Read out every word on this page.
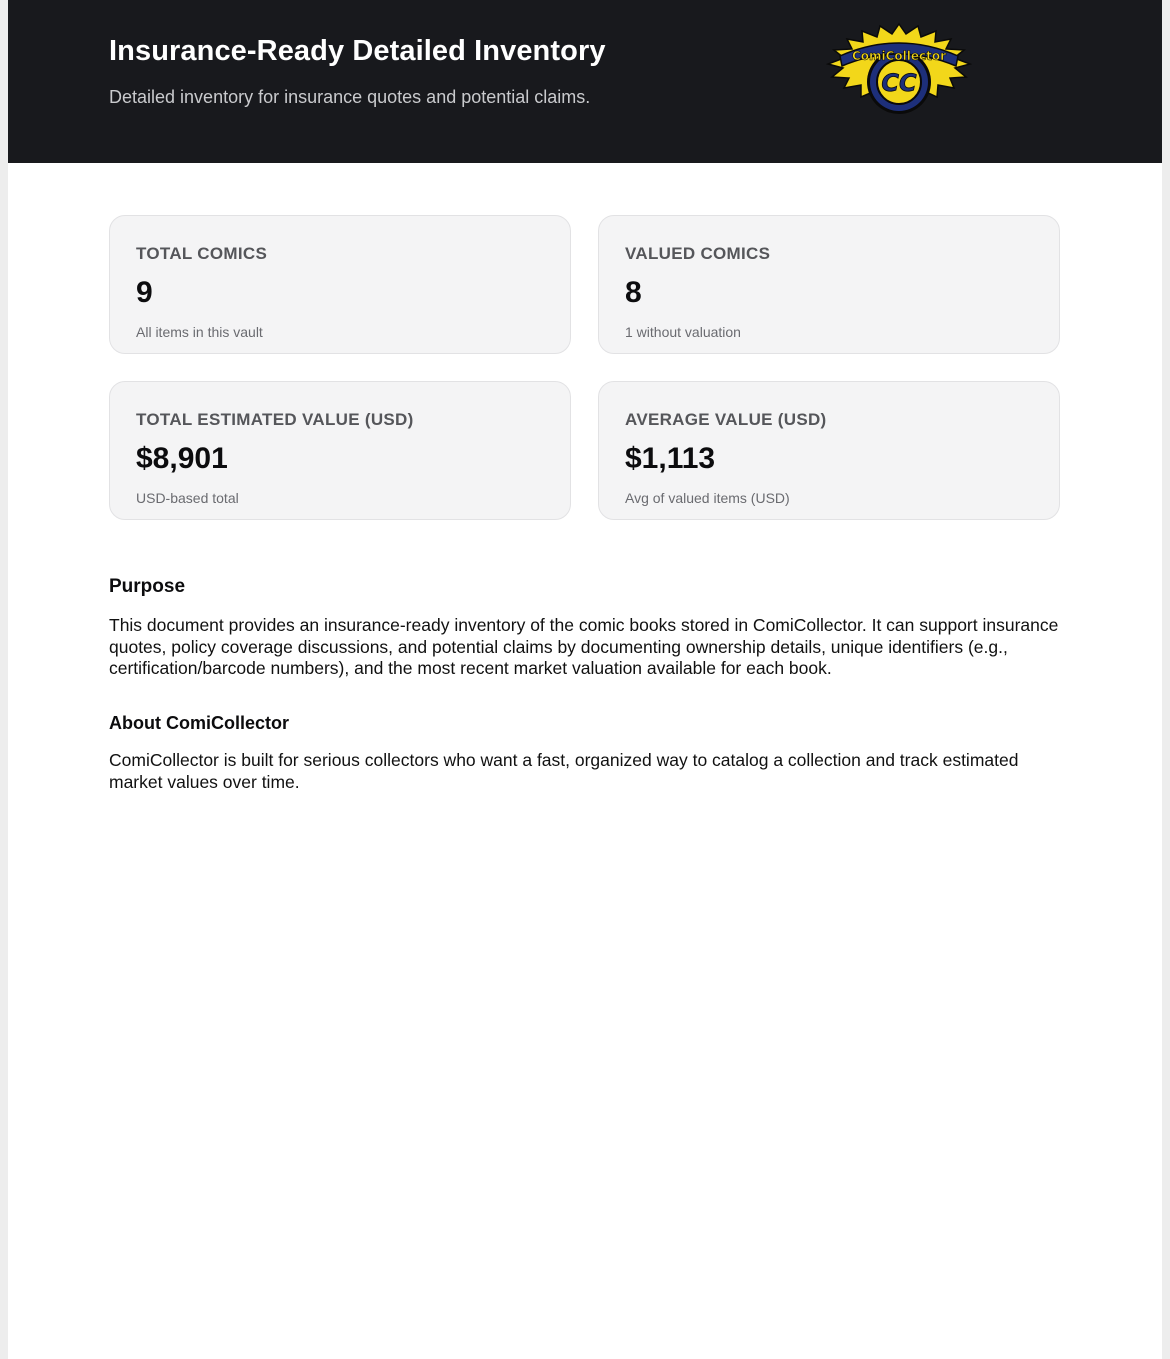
Insurance-Ready Detailed Inventory

Detailed inventory for insurance quotes and potential claims.

ComiCollector
CC
TOTAL COMICS
9
All items in this vault
VALUED COMICS
8
1 without valuation
TOTAL ESTIMATED VALUE (USD)
$8,901
USD-based total
AVERAGE VALUE (USD)
$1,113
Avg of valued items (USD)
Purpose

This document provides an insurance-ready inventory of the comic books stored in ComiCollector. It can support insurance quotes, policy coverage discussions, and potential claims by documenting ownership details, unique identifiers (e.g., certification/barcode numbers), and the most recent market valuation available for each book.

About ComiCollector

ComiCollector is built for serious collectors who want a fast, organized way to catalog a collection and track estimated market values over time.
